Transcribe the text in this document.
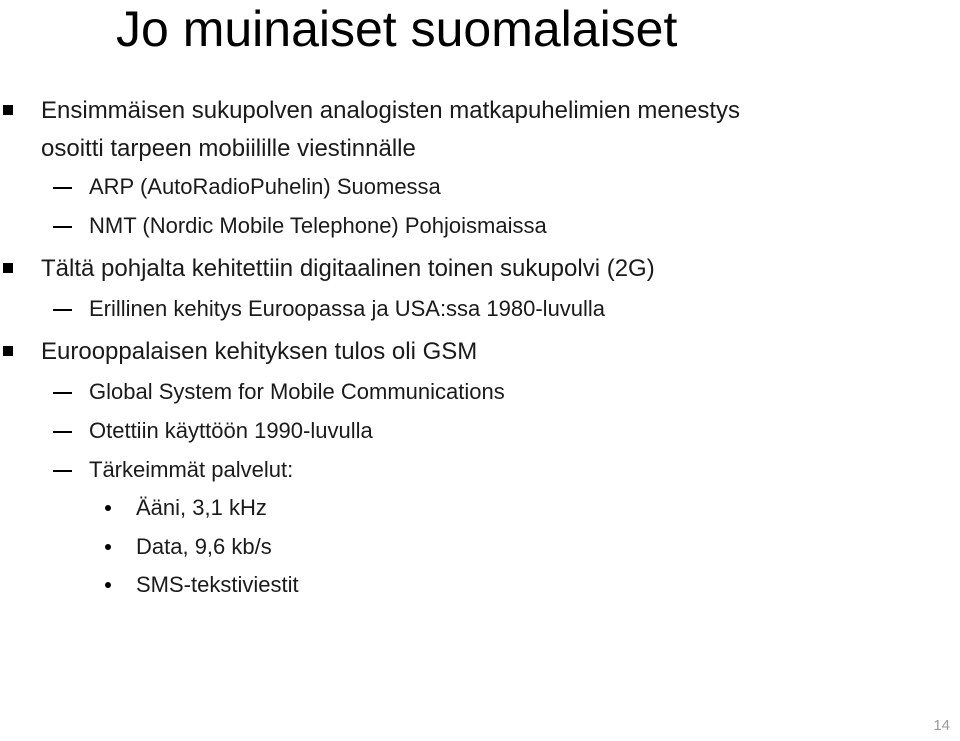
Jo muinaiset suomalaiset
Ensimmäisen sukupolven analogisten matkapuhelimien menestys
osoitti tarpeen mobiilille viestinnälle
ARP (AutoRadioPuhelin) Suomessa
NMT (Nordic Mobile Telephone) Pohjoismaissa
Tältä pohjalta kehitettiin digitaalinen toinen sukupolvi (2G)
Erillinen kehitys Euroopassa ja USA:ssa 1980-luvulla
Eurooppalaisen kehityksen tulos oli GSM
Global System for Mobile Communications
Otettiin käyttöön 1990-luvulla
Tärkeimmät palvelut:
Ääni, 3,1 kHz
Data, 9,6 kb/s
SMS-tekstiviestit
14
